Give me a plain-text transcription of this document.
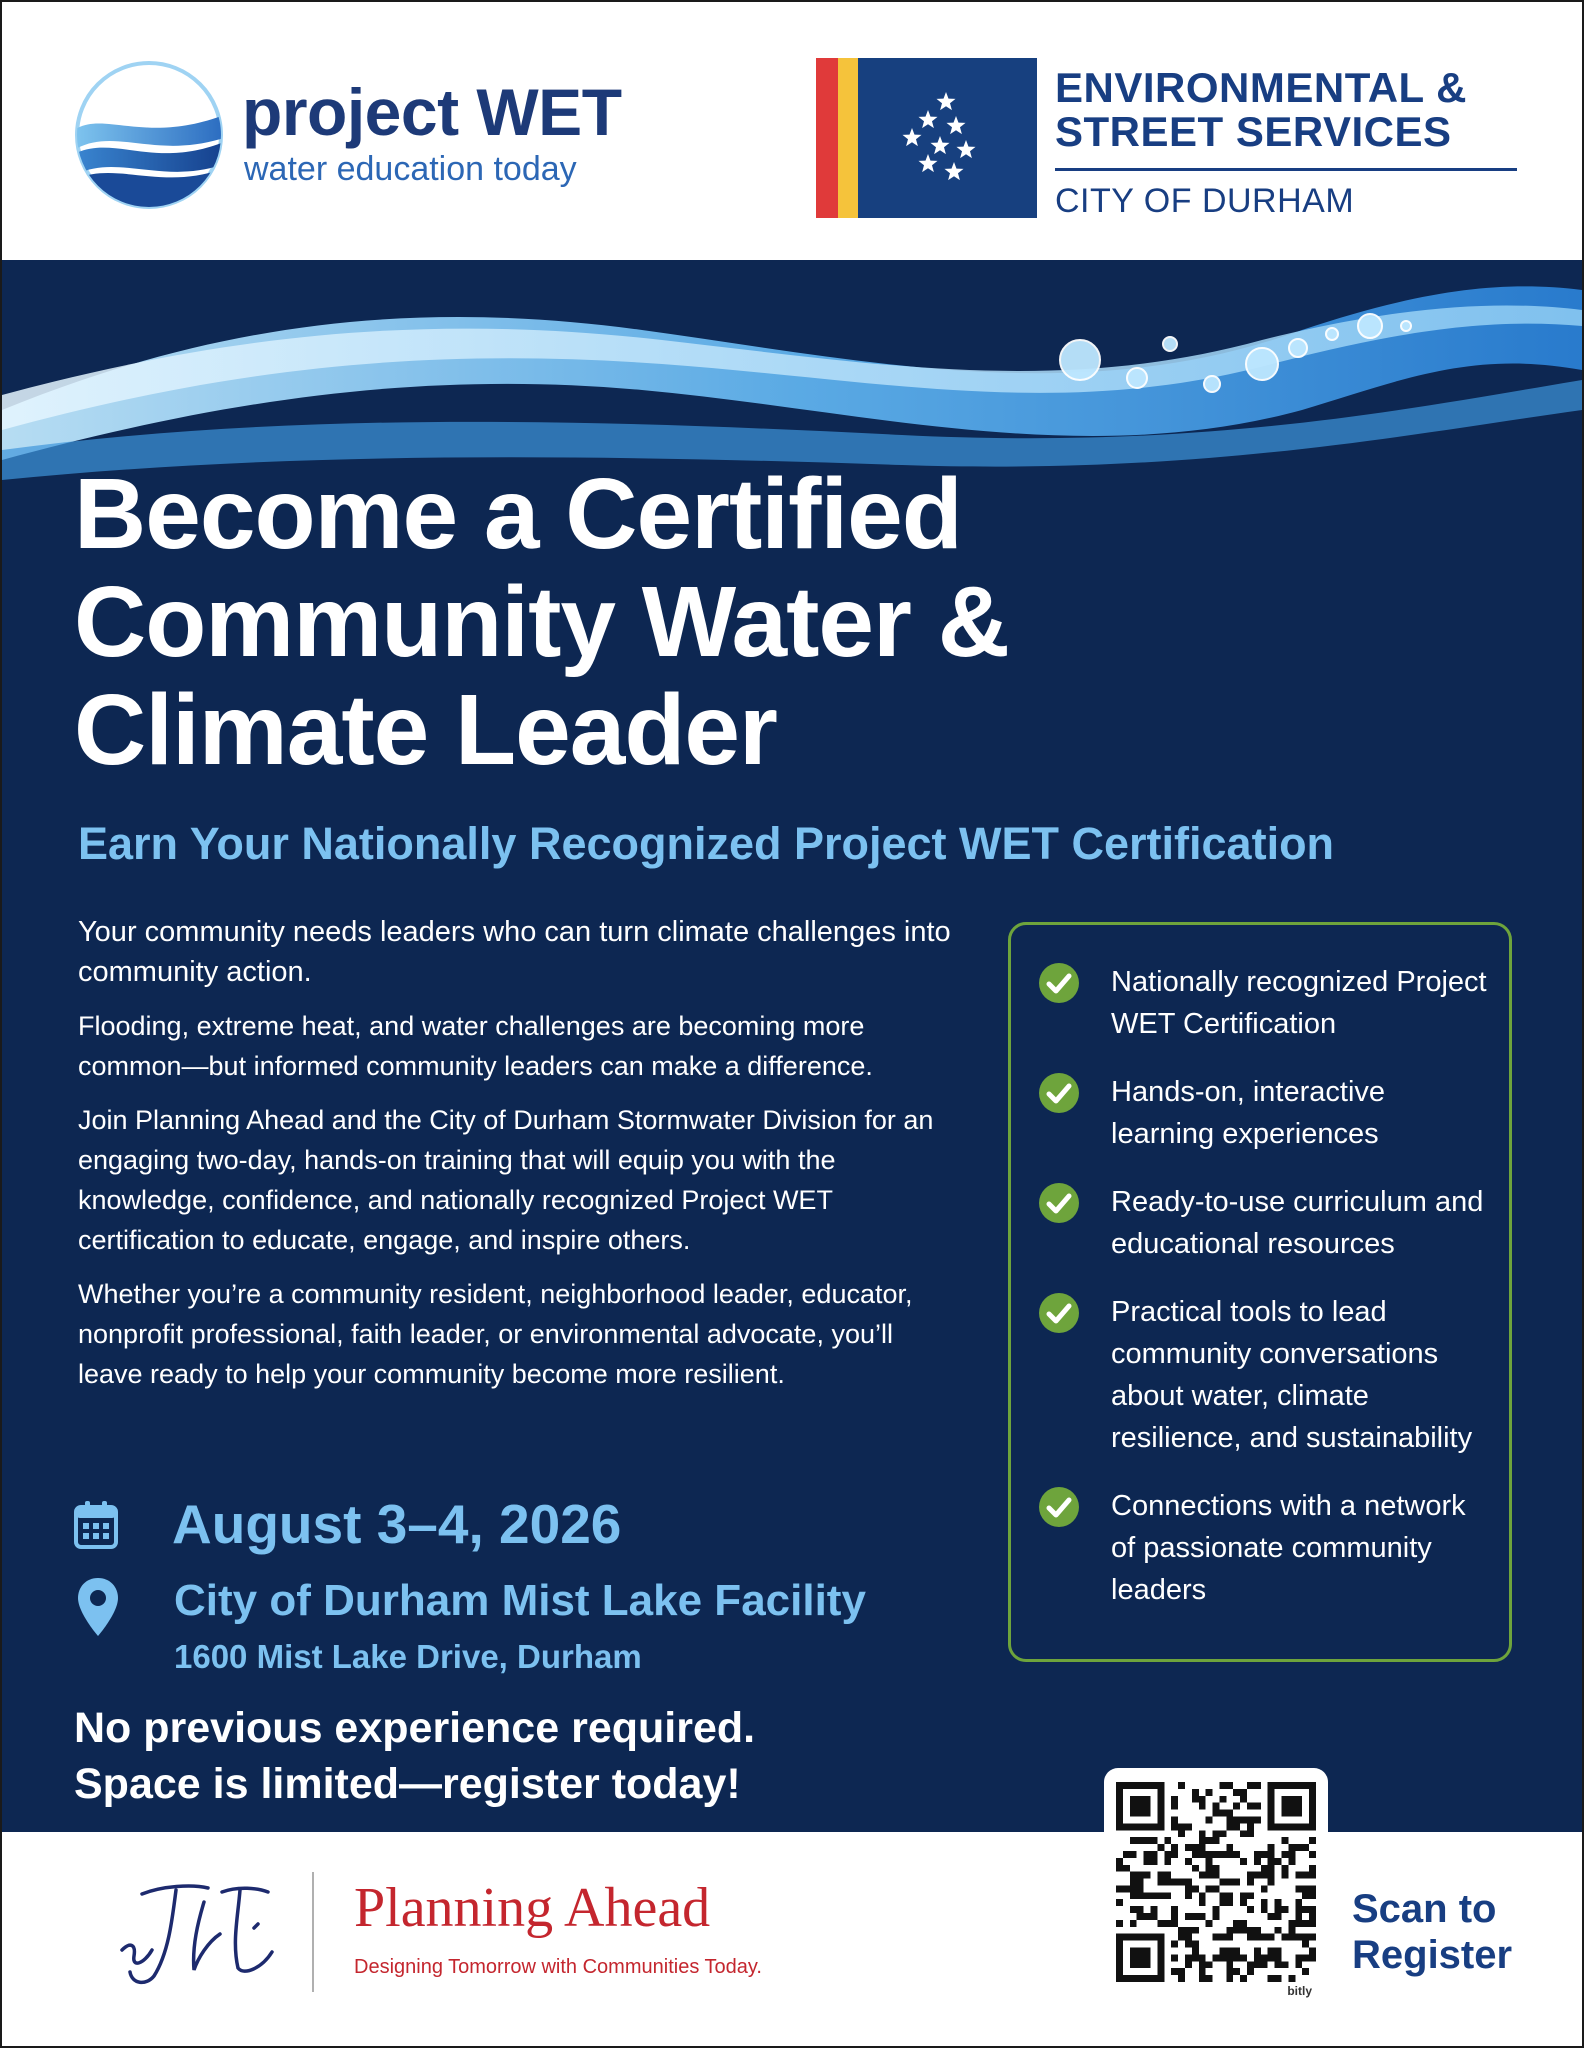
project WET
water education today
ENVIRONMENTAL &
STREET SERVICES
CITY OF DURHAM
Become a Certified
Community Water &
Climate Leader
Earn Your Nationally Recognized Project WET Certification

Your community needs leaders who can turn climate challenges into community action.

Flooding, extreme heat, and water challenges are becoming more common—but informed community leaders can make a difference.

Join Planning Ahead and the City of Durham Stormwater Division for an engaging two-day, hands-on training that will equip you with the knowledge, confidence, and nationally recognized Project WET certification to educate, engage, and inspire others.

Whether you’re a community resident, neighborhood leader, educator, nonprofit professional, faith leader, or environmental advocate, you’ll leave ready to help your community become more resilient.

August 3–4, 2026
City of Durham Mist Lake Facility
1600 Mist Lake Drive, Durham
No previous experience required.
Space is limited—register today!
Nationally recognized Project WET Certification
Hands-on, interactive learning experiences
Ready-to-use curriculum and educational resources
Practical tools to lead community conversations about water, climate resilience, and sustainability
Connections with a network of passionate community leaders
Planning Ahead
Designing Tomorrow with Communities Today.
Scan to
Register
bitly
